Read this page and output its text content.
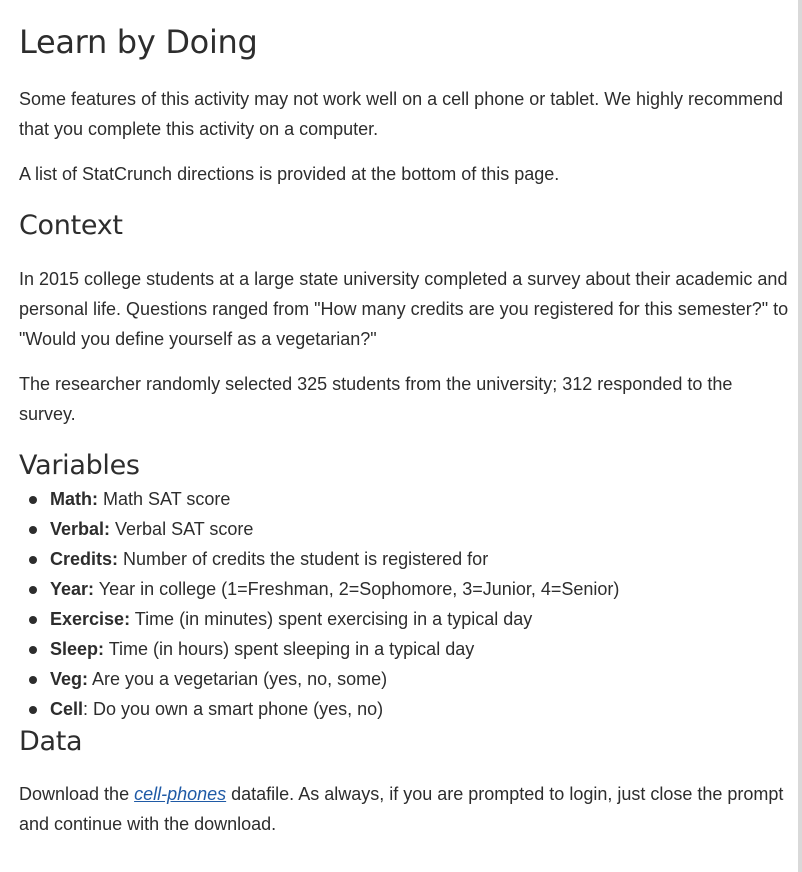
Learn by Doing

Some features of this activity may not work well on a cell phone or tablet. We highly recommend that you complete this activity on a computer.

A list of StatCrunch directions is provided at the bottom of this page.

Context

In 2015 college students at a large state university completed a survey about their academic and personal life. Questions ranged from "How many credits are you registered for this semester?" to "Would you define yourself as a vegetarian?"

The researcher randomly selected 325 students from the university; 312 responded to the survey.

Variables
Math: Math SAT score
Verbal: Verbal SAT score
Credits: Number of credits the student is registered for
Year: Year in college (1=Freshman, 2=Sophomore, 3=Junior, 4=Senior)
Exercise: Time (in minutes) spent exercising in a typical day
Sleep: Time (in hours) spent sleeping in a typical day
Veg: Are you a vegetarian (yes, no, some)
Cell: Do you own a smart phone (yes, no)
Data

Download the cell-phones datafile. As always, if you are prompted to login, just close the prompt and continue with the download.
